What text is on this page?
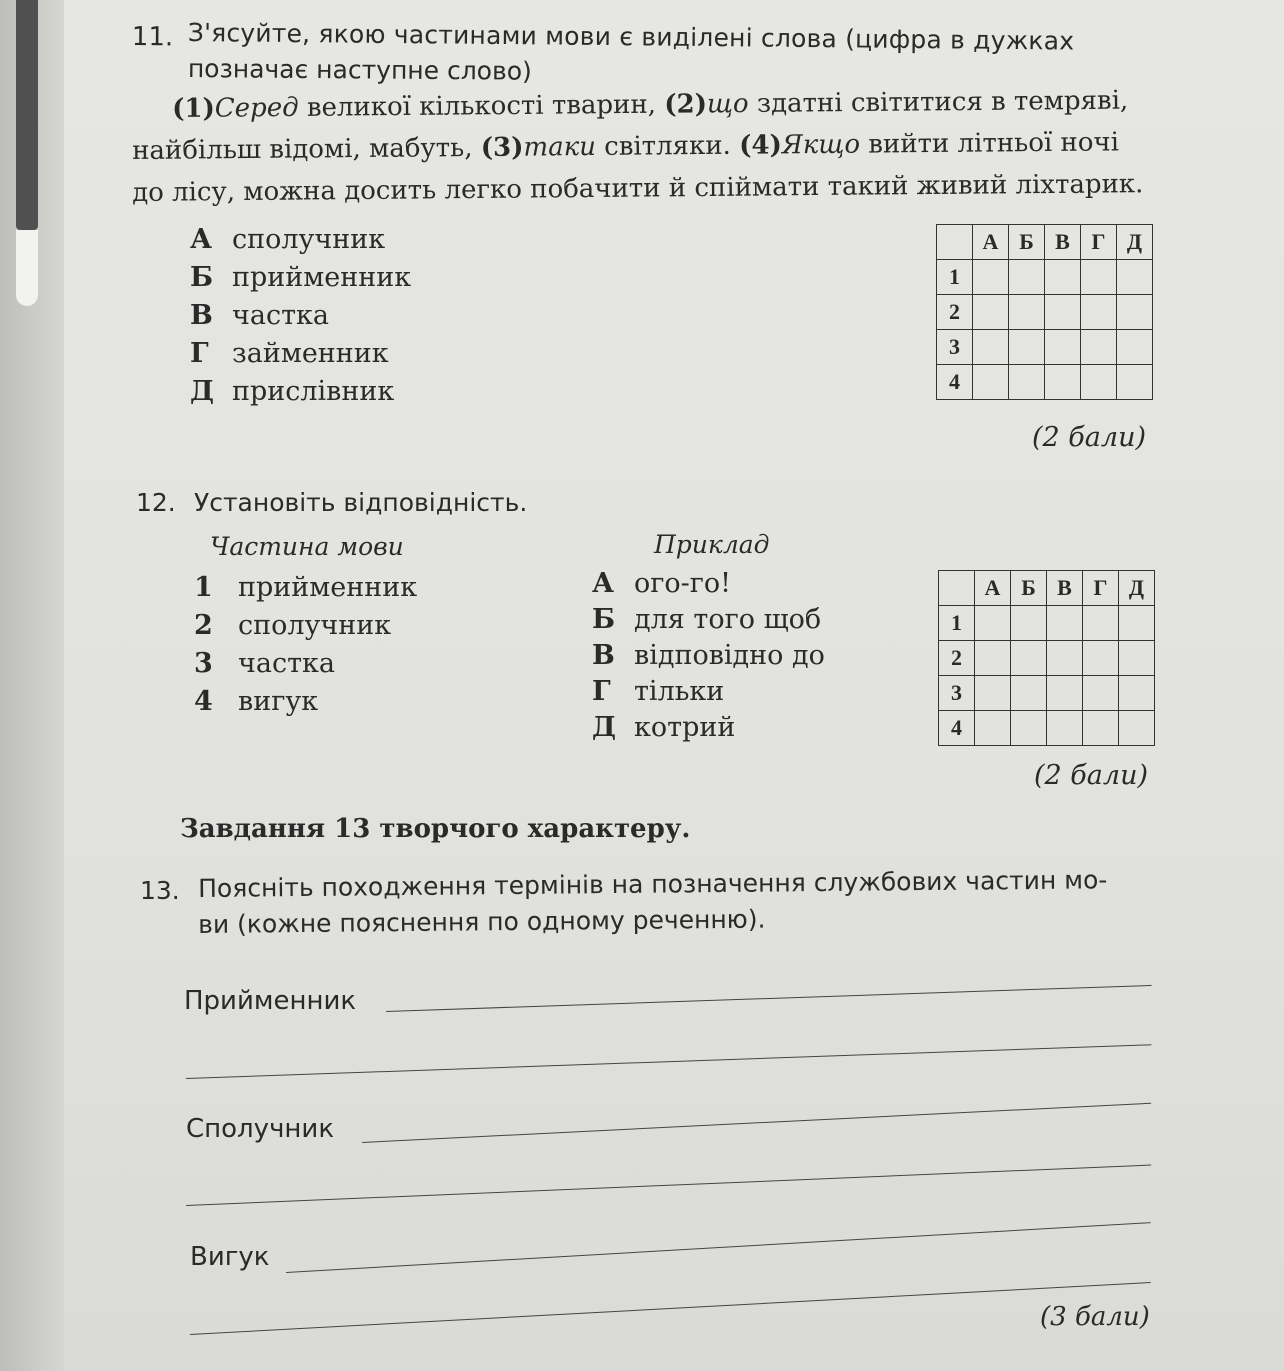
11. З'ясуйте, якою частинами мови є виділені слова (цифра в дужках
позначає наступне слово)
(1)Серед великої кількості тварин, (2)що здатні світитися в темряві,
найбільш відомі, мабуть, (3)таки світляки. (4)Якщо вийти літньої ночі
до лісу, можна досить легко побачити й спіймати такий живий ліхтарик.
А сполучник
Б прийменник
В частка
Г займенник
Д прислівник
	А	Б	В	Г	Д
1					
2					
3					
4					
(2 бали)
12. Установіть відповідність.
Частина мови	Приклад
1 прийменник
2 сполучник
3 частка
4 вигук
А ого-го!
Б для того щоб
В відповідно до
Г тільки
Д котрий
	А	Б	В	Г	Д
1					
2					
3					
4					
(2 бали)
Завдання 13 творчого характеру.
13. Поясніть походження термінів на позначення службових частин мо-
ви (кожне пояснення по одному реченню).
Прийменник
Сполучник
Вигук
(3 бали)
